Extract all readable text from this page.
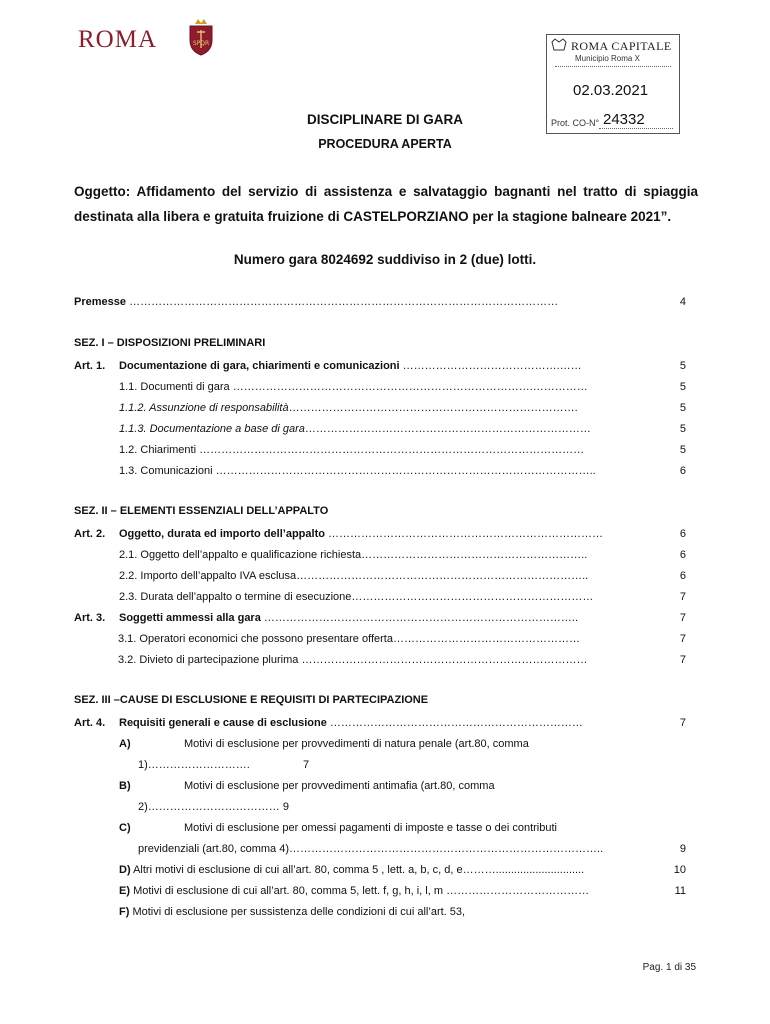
ROMA	SPQR	ROMA CAPITALE
Municipio Roma X
02.03.2021
Prot. CO-N° 24332
DISCIPLINARE DI GARA
PROCEDURA APERTA
Oggetto: Affidamento del servizio di assistenza e salvataggio bagnanti nel tratto di spiaggia destinata alla libera e gratuita fruizione di CASTELPORZIANO per la stagione balneare 2021”.
Numero gara 8024692 suddiviso in 2 (due) lotti.
Premesse ………………………………………………………………………………………………………	4
SEZ. I – DISPOSIZIONI PRELIMINARI
Art. 1. Documentazione di gara, chiarimenti e comunicazioni …………………………………….……	5
1.1. Documenti di gara ……………………………………………………………………….……………	5
1.1.2. Assunzione di responsabilità…………………………………………………………………….	5
1.1.3. Documentazione a base di gara……………………………………………………………………	5
1.2. Chiarimenti ……………………………………………………………………………………………	5
1.3. Comunicazioni …………………………………………………………………………………………..	6
SEZ. II – ELEMENTI ESSENZIALI DELL’APPALTO
Art. 2. Oggetto, durata ed importo dell’appalto …………………………………………………………………	6
2.1. Oggetto dell’appalto e qualificazione richiesta……………………………………………………..	6
2.2. Importo dell’appalto IVA esclusa……………………………………………………………………..	6
2.3. Durata dell’appalto o termine di esecuzione…………………………………………………………	7
Art. 3. Soggetti ammessi alla gara …………………………………………………………………………..	7
3.1. Operatori economici che possono presentare offerta……………………………………………	7
3.2. Divieto di partecipazione plurima ……………………………………………………………………	7
SEZ. III –CAUSE DI ESCLUSIONE E REQUISITI DI PARTECIPAZIONE
Art. 4. Requisiti generali e cause di esclusione ……………………………………………………………	7
A)	Motivi di esclusione per provvedimenti di natura penale (art.80, comma
1)……………………….	7
B)	Motivi di esclusione per provvedimenti antimafia (art.80, comma
2)……………………………… 9
C)	Motivi di esclusione per omessi pagamenti di imposte e tasse o dei contributi
previdenziali (art.80, comma 4)…………………………………………………………………………..	9
D) Altri motivi di esclusione di cui all’art. 80, comma 5 , lett. a, b, c, d, e……….............................	10
E) Motivi di esclusione di cui all’art. 80, comma 5, lett. f, g, h, i, l, m …………………………………	11
F) Motivi di esclusione per sussistenza delle condizioni di cui all’art. 53,
Pag. 1 di 35
